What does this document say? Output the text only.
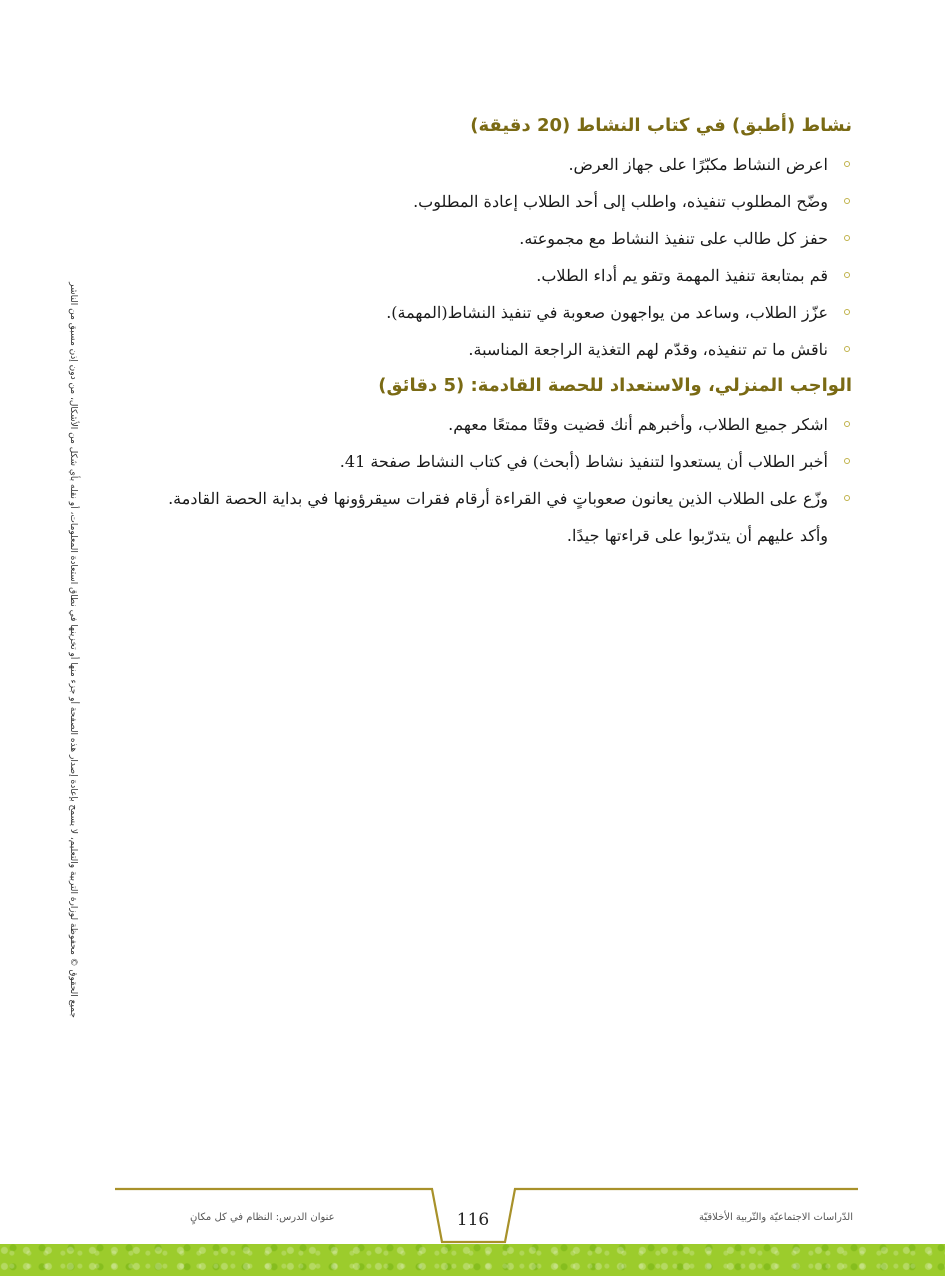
نشاط (أطبق) في كتاب النشاط (20 دقيقة)
اعرض النشاط مكبّرًا على جهاز العرض.
وضّح المطلوب تنفيذه، واطلب إلى أحد الطلاب إعادة المطلوب.
حفز كل طالب على تنفيذ النشاط مع مجموعته.
قم بمتابعة تنفيذ المهمة وتقو يم أداء الطلاب.
عزّز الطلاب، وساعد من يواجهون صعوبة في تنفيذ النشاط(المهمة).
ناقش ما تم تنفيذه، وقدّم لهم التغذية الراجعة المناسبة.
الواجب المنزلي، والاستعداد للحصة القادمة: (5 دقائق)
اشكر جميع الطلاب، وأخبرهم أنك قضيت وقتًا ممتعًا معهم.
أخبر الطلاب أن يستعدوا لتنفيذ نشاط (أبحث) في كتاب النشاط صفحة 41.
وزّع على الطلاب الذين يعانون صعوباتٍ في القراءة أرقام فقرات سيقرؤونها في بداية الحصة القادمة.
وأكد عليهم أن يتدرّبوا على قراءتها جيدًا.
جميع الحقوق © محفوظة لوزارة التربية والتعليم، لا يسمح بإعادة إصدار هذه الصفحة أو جزء منها أو تخزينها في نطاق استعادة المعلومات، أو نقله بأي شكل من الأشكال، من دون إذن مسبق من الناشر
عنوان الدرس: النظام في كل مكانٍ	116	الدّراسات الاجتماعيّة والتّربية الأخلاقيّة
